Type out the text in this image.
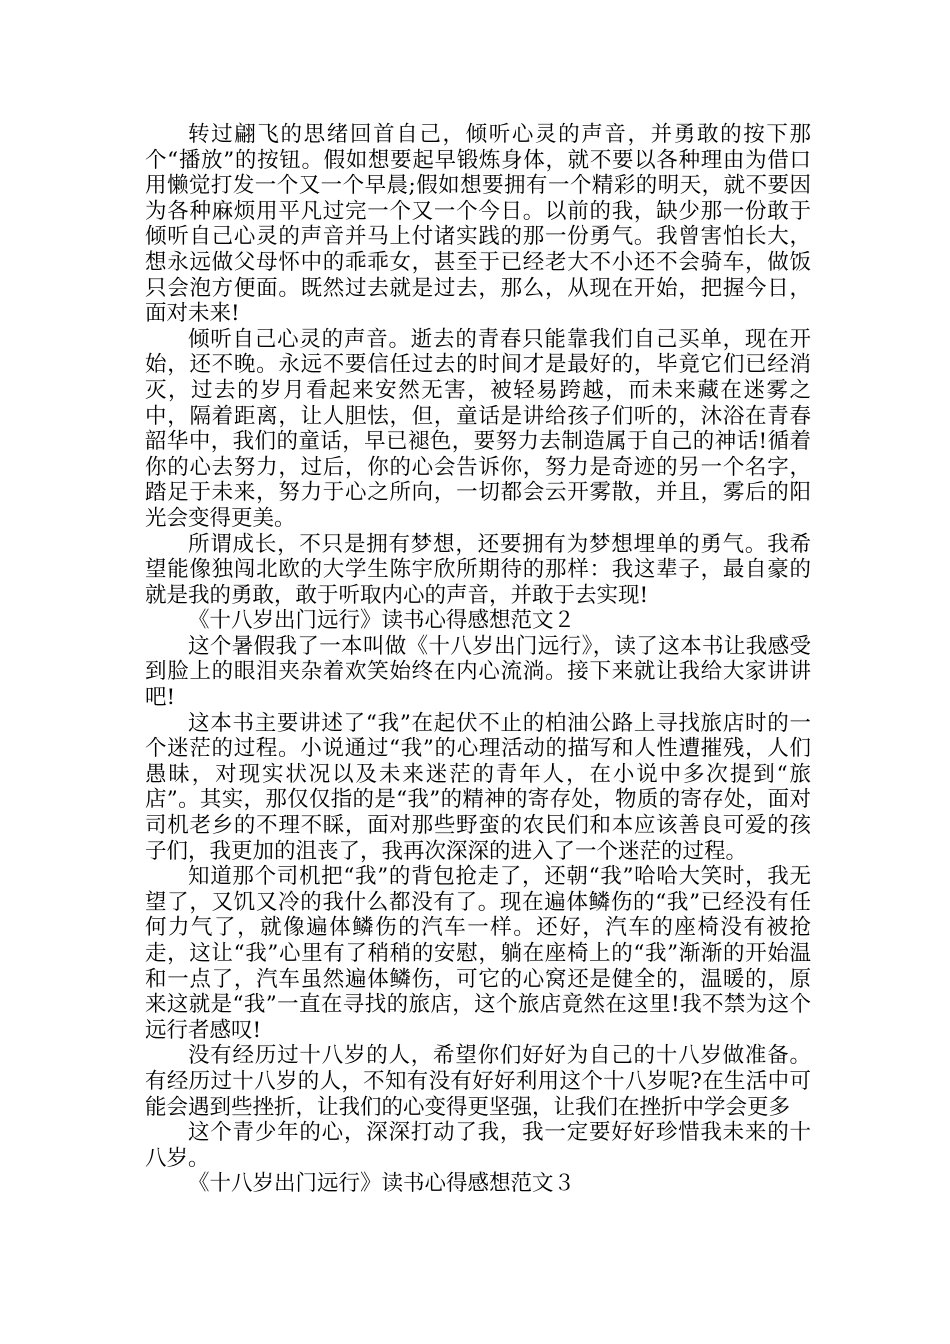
转过翩飞的思绪回首自己，倾听心灵的声音，并勇敢的按下那个“播放”的按钮。假如想要起早锻炼身体，就不要以各种理由为借口用懒觉打发一个又一个早晨;假如想要拥有一个精彩的明天，就不要因为各种麻烦用平凡过完一个又一个今日。以前的我，缺少那一份敢于倾听自己心灵的声音并马上付诸实践的那一份勇气。我曾害怕长大，想永远做父母怀中的乖乖女，甚至于已经老大不小还不会骑车，做饭只会泡方便面。既然过去就是过去，那么，从现在开始，把握今日，面对未来!

倾听自己心灵的声音。逝去的青春只能靠我们自己买单，现在开始，还不晚。永远不要信任过去的时间才是最好的，毕竟它们已经消灭，过去的岁月看起来安然无害，被轻易跨越，而未来藏在迷雾之中，隔着距离，让人胆怯，但，童话是讲给孩子们听的，沐浴在青春韶华中，我们的童话，早已褪色，要努力去制造属于自己的神话!循着你的心去努力，过后，你的心会告诉你，努力是奇迹的另一个名字，踏足于未来，努力于心之所向，一切都会云开雾散，并且，雾后的阳光会变得更美。

所谓成长，不只是拥有梦想，还要拥有为梦想埋单的勇气。我希望能像独闯北欧的大学生陈宇欣所期待的那样：我这辈子，最自豪的就是我的勇敢，敢于听取内心的声音，并敢于去实现!

《十八岁出门远行》读书心得感想范文２

这个暑假我了一本叫做《十八岁出门远行》，读了这本书让我感受到脸上的眼泪夹杂着欢笑始终在内心流淌。接下来就让我给大家讲讲吧!

这本书主要讲述了“我”在起伏不止的柏油公路上寻找旅店时的一个迷茫的过程。小说通过“我”的心理活动的描写和人性遭摧残，人们愚昧，对现实状况以及未来迷茫的青年人，在小说中多次提到“旅店”。其实，那仅仅指的是“我”的精神的寄存处，物质的寄存处，面对司机老乡的不理不睬，面对那些野蛮的农民们和本应该善良可爱的孩子们，我更加的沮丧了，我再次深深的进入了一个迷茫的过程。

知道那个司机把“我”的背包抢走了，还朝“我”哈哈大笑时，我无望了，又饥又冷的我什么都没有了。现在遍体鳞伤的“我”已经没有任何力气了，就像遍体鳞伤的汽车一样。还好，汽车的座椅没有被抢走，这让“我”心里有了稍稍的安慰，躺在座椅上的“我”渐渐的开始温和一点了，汽车虽然遍体鳞伤，可它的心窝还是健全的，温暖的，原来这就是“我”一直在寻找的旅店，这个旅店竟然在这里!我不禁为这个远行者感叹!

没有经历过十八岁的人，希望你们好好为自己的十八岁做准备。有经历过十八岁的人，不知有没有好好利用这个十八岁呢?在生活中可能会遇到些挫折，让我们的心变得更坚强，让我们在挫折中学会更多

这个青少年的心，深深打动了我，我一定要好好珍惜我未来的十八岁。

《十八岁出门远行》读书心得感想范文３
